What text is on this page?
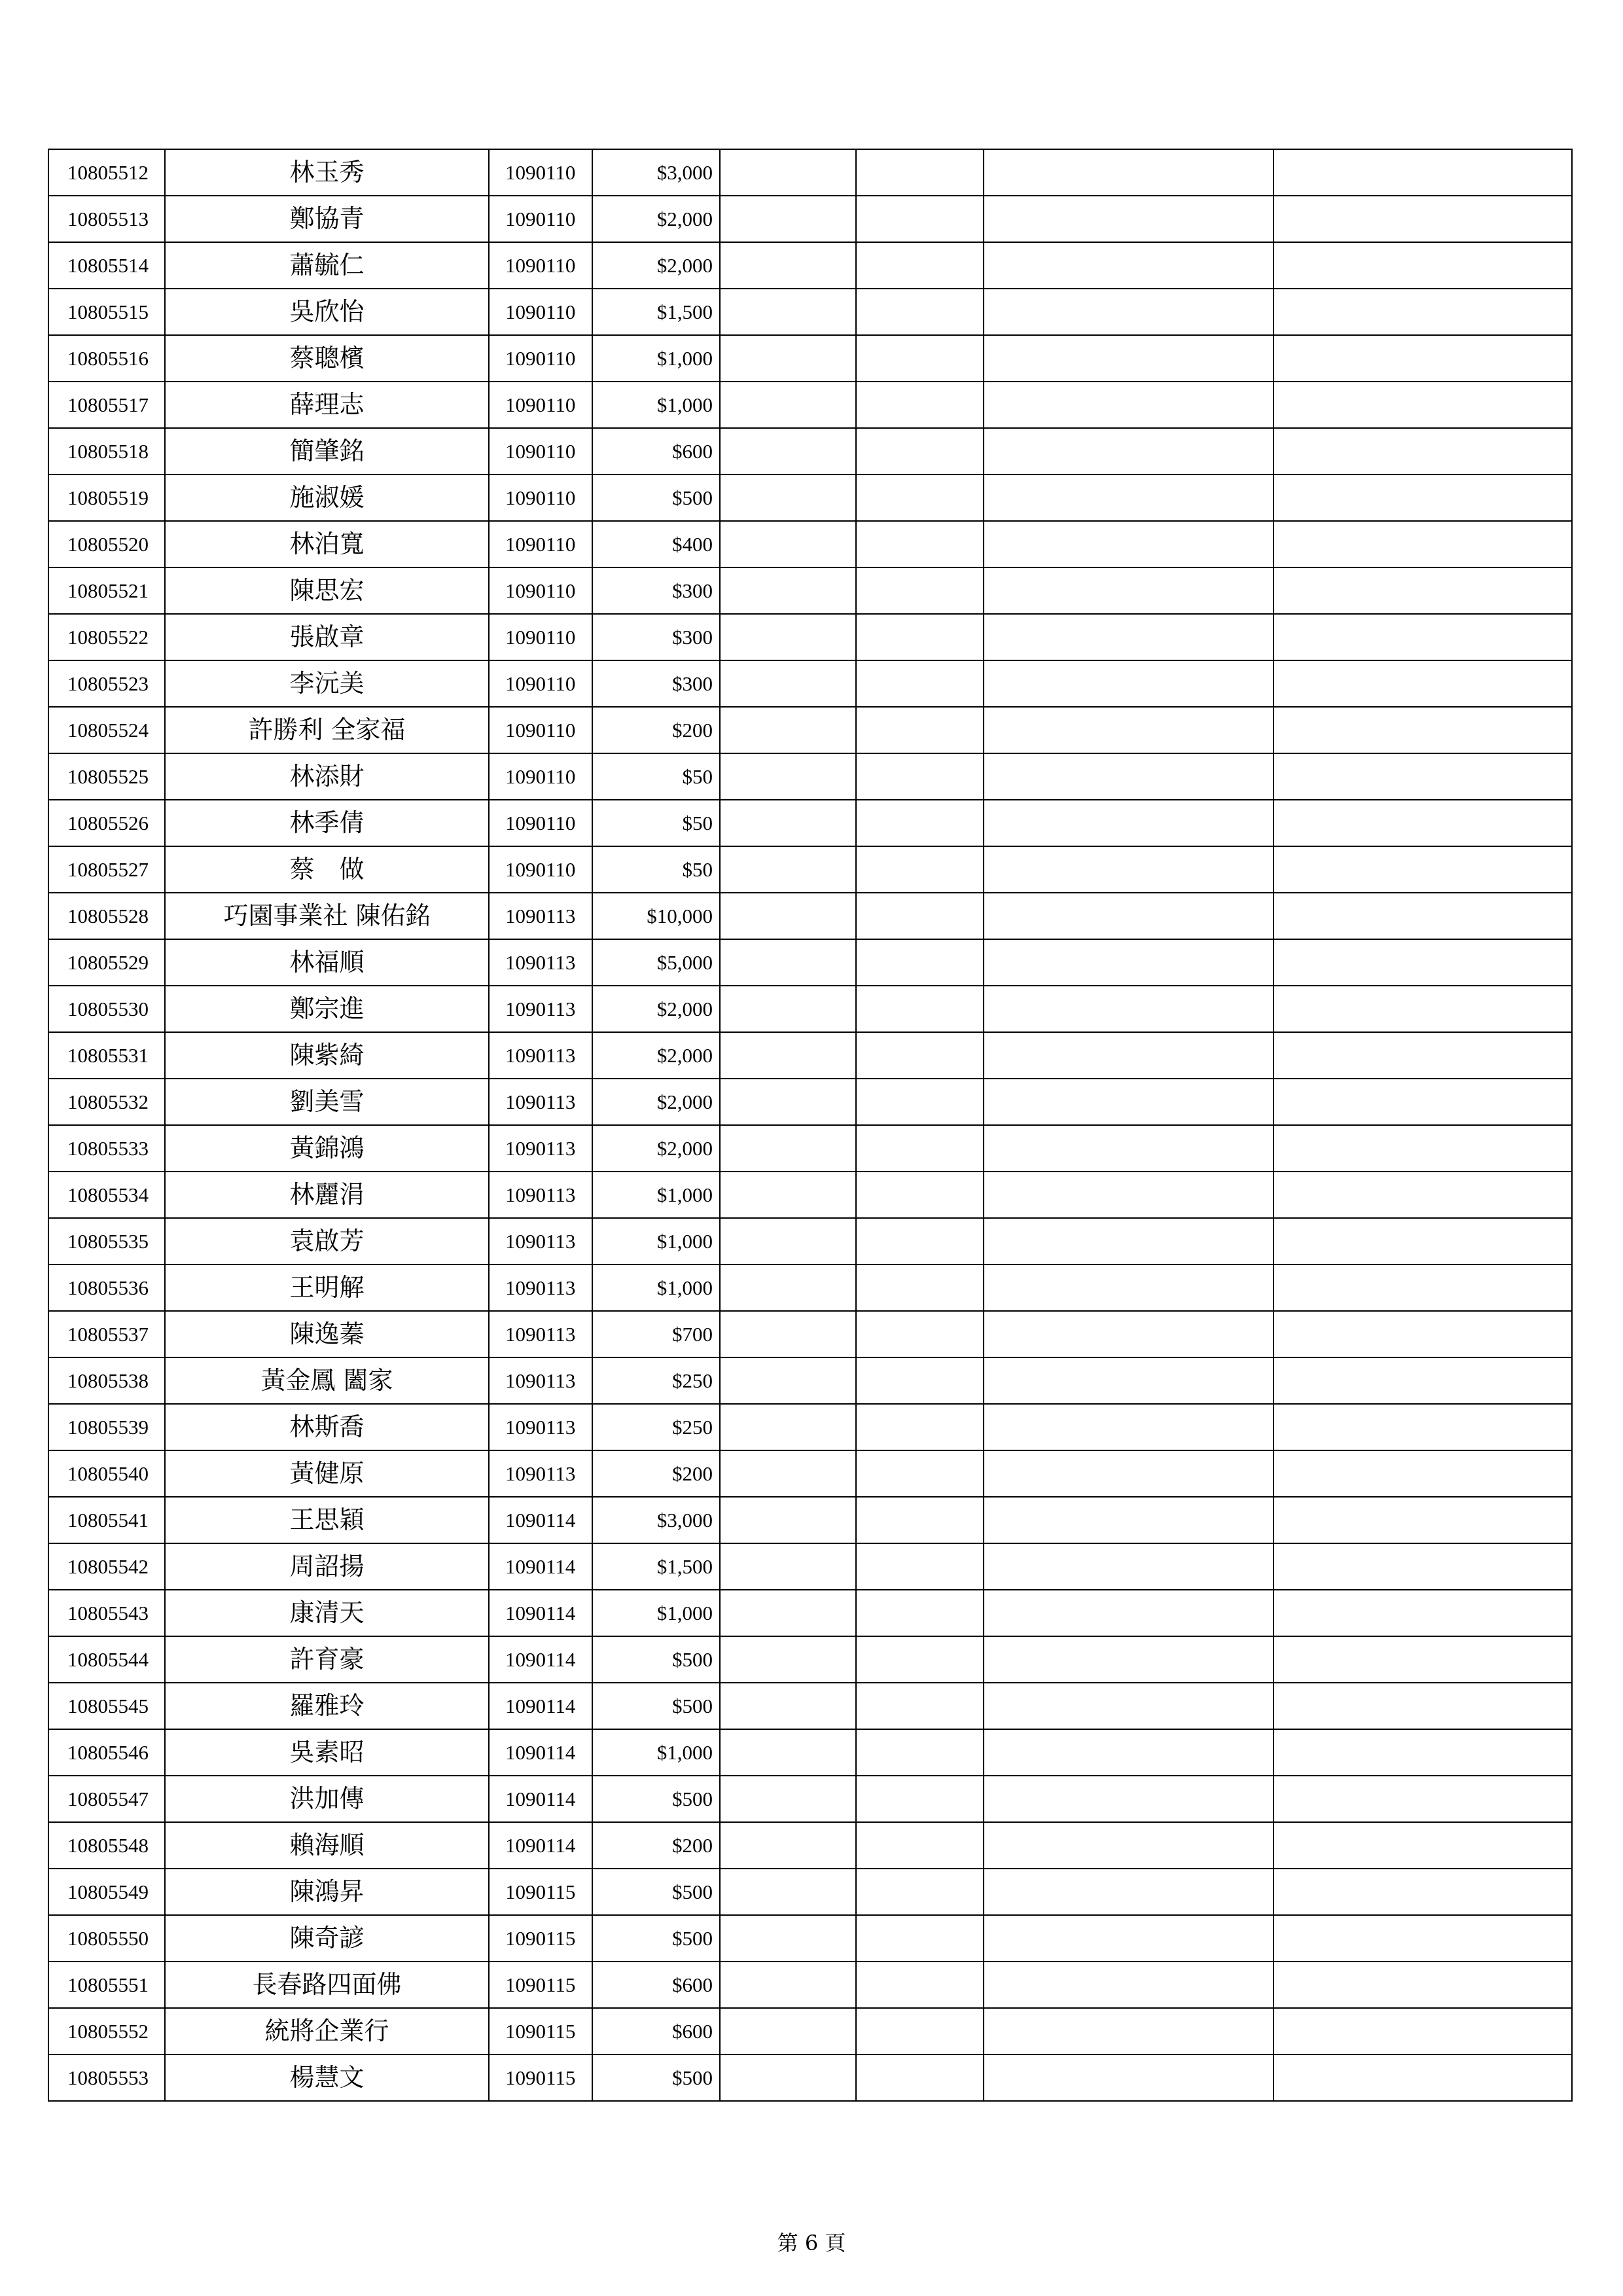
10805512	林玉秀	1090110	$3,000				
10805513	鄭協青	1090110	$2,000				
10805514	蕭毓仁	1090110	$2,000				
10805515	吳欣怡	1090110	$1,500				
10805516	蔡聰檳	1090110	$1,000				
10805517	薛理志	1090110	$1,000				
10805518	簡肇銘	1090110	$600				
10805519	施淑媛	1090110	$500				
10805520	林泊寬	1090110	$400				
10805521	陳思宏	1090110	$300				
10805522	張啟章	1090110	$300				
10805523	李沅美	1090110	$300				
10805524	許勝利 全家福	1090110	$200				
10805525	林添財	1090110	$50				
10805526	林季倩	1090110	$50				
10805527	蔡　做	1090110	$50				
10805528	巧園事業社 陳佑銘	1090113	$10,000				
10805529	林福順	1090113	$5,000				
10805530	鄭宗進	1090113	$2,000				
10805531	陳紫綺	1090113	$2,000				
10805532	劉美雪	1090113	$2,000				
10805533	黃錦鴻	1090113	$2,000				
10805534	林麗涓	1090113	$1,000				
10805535	袁啟芳	1090113	$1,000				
10805536	王明解	1090113	$1,000				
10805537	陳逸蓁	1090113	$700				
10805538	黃金鳳 闔家	1090113	$250				
10805539	林斯喬	1090113	$250				
10805540	黃健原	1090113	$200				
10805541	王思穎	1090114	$3,000				
10805542	周詔揚	1090114	$1,500				
10805543	康清天	1090114	$1,000				
10805544	許育豪	1090114	$500				
10805545	羅雅玲	1090114	$500				
10805546	吳素昭	1090114	$1,000				
10805547	洪加傳	1090114	$500				
10805548	賴海順	1090114	$200				
10805549	陳鴻昇	1090115	$500				
10805550	陳奇諺	1090115	$500				
10805551	長春路四面佛	1090115	$600				
10805552	統將企業行	1090115	$600				
10805553	楊慧文	1090115	$500				
第 6 頁
